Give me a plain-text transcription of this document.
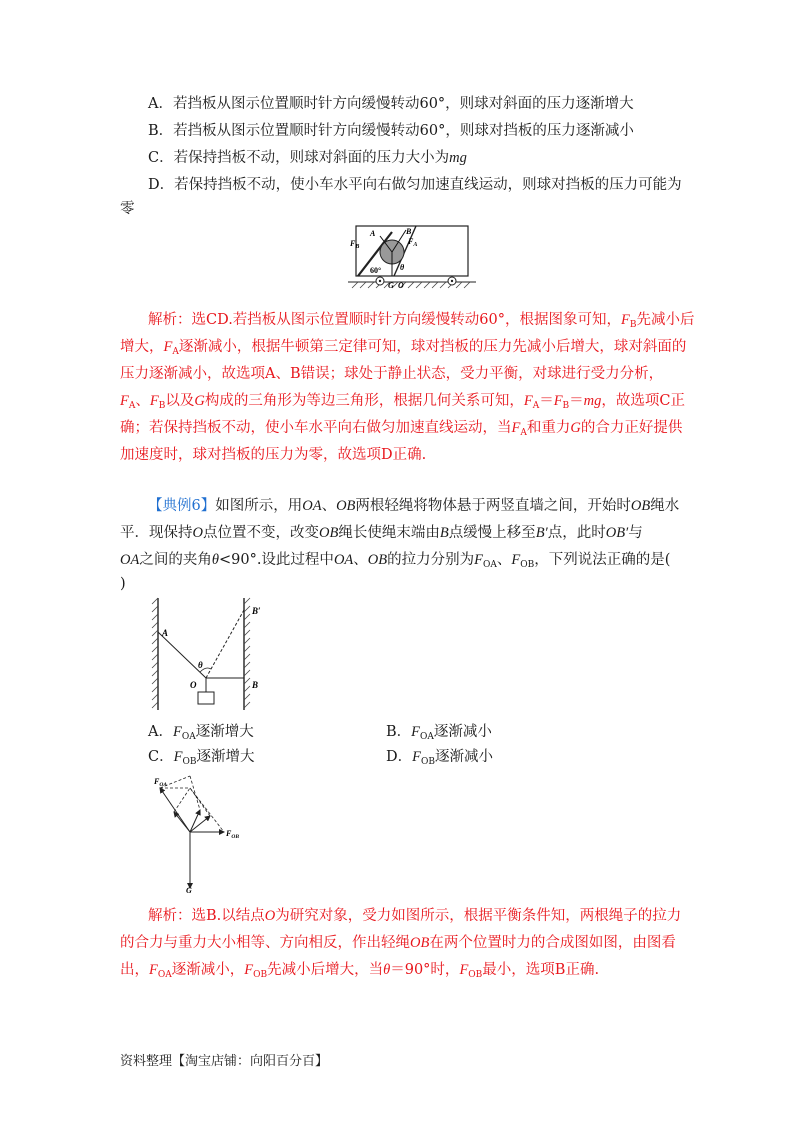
A．若挡板从图示位置顺时针方向缓慢转动60°，则球对斜面的压力逐渐增大
B．若挡板从图示位置顺时针方向缓慢转动60°，则球对挡板的压力逐渐减小
C．若保持挡板不动，则球对斜面的压力大小为mg
D．若保持挡板不动，使小车水平向右做匀加速直线运动，则球对挡板的压力可能为
零
$F_B$
$F_A$
A	B
60° θ
G O
解析：选CD.若挡板从图示位置顺时针方向缓慢转动60°，根据图象可知，$F_B$先减小后
增大，$F_A$逐渐减小，根据牛顿第三定律可知，球对挡板的压力先减小后增大，球对斜面的
压力逐渐减小，故选项A、B错误；球处于静止状态，受力平衡，对球进行受力分析，
$F_A$、$F_B$以及G构成的三角形为等边三角形，根据几何关系可知，$F_A=F_B=mg$，故选项C正
确；若保持挡板不动，使小车水平向右做匀加速直线运动，当$F_A$和重力G的合力正好提供
加速度时，球对挡板的压力为零，故选项D正确.
【典例6】如图所示，用OA、OB两根轻绳将物体悬于两竖直墙之间，开始时OB绳水
平．现保持O点位置不变，改变OB绳长使绳末端由B点缓慢上移至B′点，此时OB′与
OA之间的夹角θ<90°.设此过程中OA、OB的拉力分别为$F_{OA}$、$F_{OB}$，下列说法正确的是(
)
B′
A
θ
O	B
A．$F_{OA}$逐渐增大	B．$F_{OA}$逐渐减小
C．$F_{OB}$逐渐增大	D．$F_{OB}$逐渐减小
$F_{OA}$
$F_{OB}$
G
解析：选B.以结点O为研究对象，受力如图所示，根据平衡条件知，两根绳子的拉力
的合力与重力大小相等、方向相反，作出轻绳OB在两个位置时力的合成图如图，由图看
出，$F_{OA}$逐渐减小，$F_{OB}$先减小后增大，当θ＝90°时，$F_{OB}$最小，选项B正确.
资料整理【淘宝店铺：向阳百分百】
